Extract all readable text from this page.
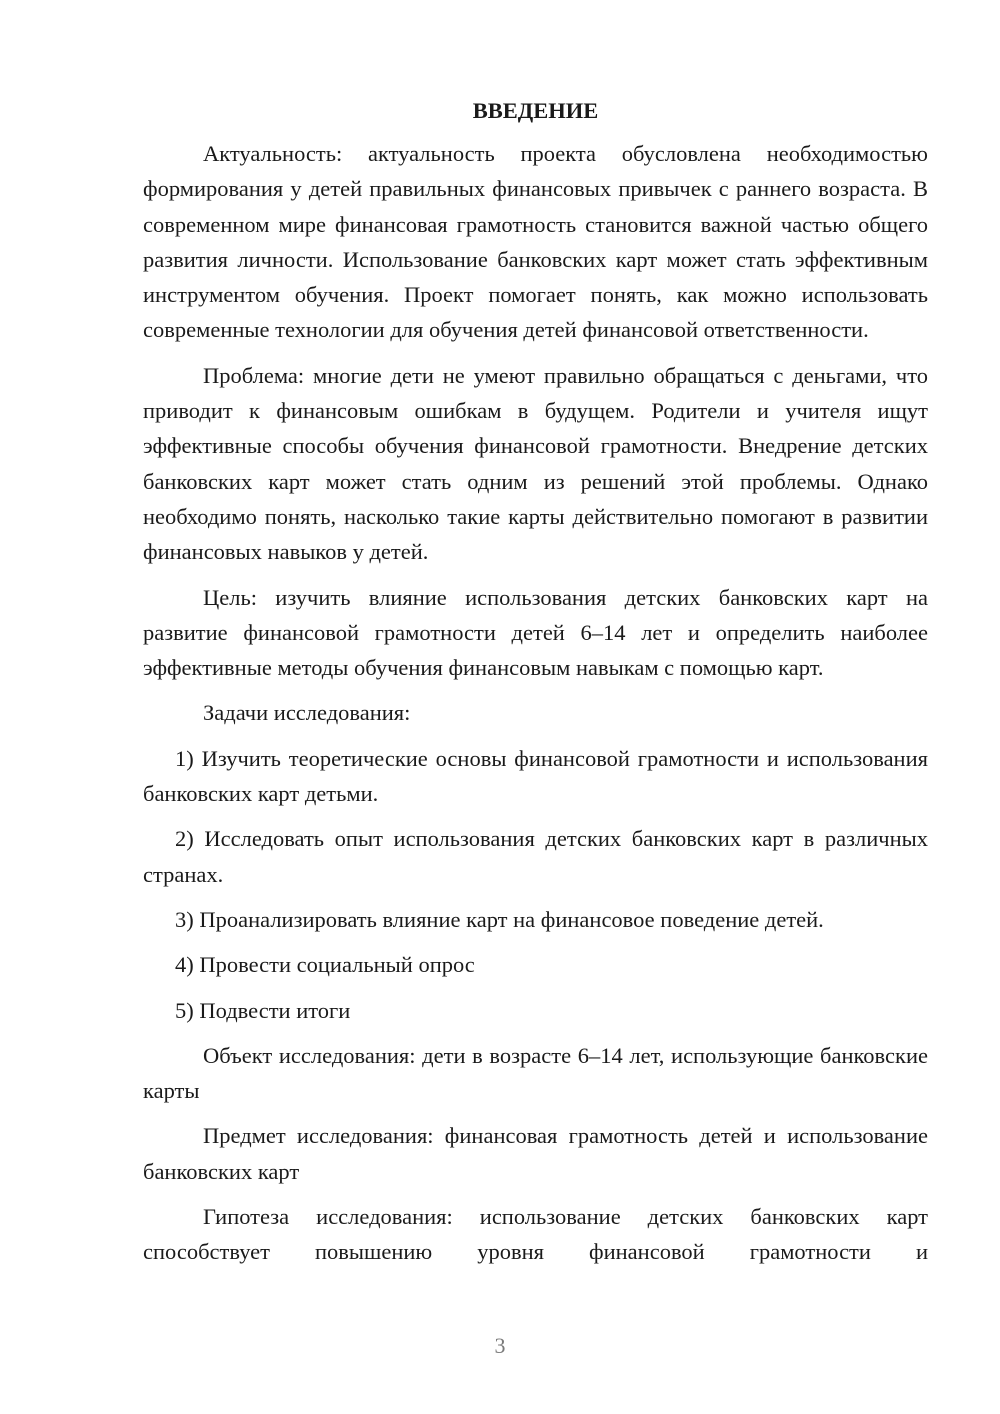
ВВЕДЕНИЕ

Актуальность: актуальность проекта обусловлена необходимостью формирования у детей правильных финансовых привычек с раннего возраста. В современном мире финансовая грамотность становится важной частью общего развития личности. Использование банковских карт может стать эффективным инструментом обучения. Проект помогает понять, как можно использовать современные технологии для обучения детей финансовой ответственности.

Проблема: многие дети не умеют правильно обращаться с деньгами, что приводит к финансовым ошибкам в будущем. Родители и учителя ищут эффективные способы обучения финансовой грамотности. Внедрение детских банковских карт может стать одним из решений этой проблемы. Однако необходимо понять, насколько такие карты действительно помогают в развитии финансовых навыков у детей.

Цель: изучить влияние использования детских банковских карт на развитие финансовой грамотности детей 6–14 лет и определить наиболее эффективные методы обучения финансовым навыкам с помощью карт.

Задачи исследования:

1) Изучить теоретические основы финансовой грамотности и использования банковских карт детьми.

2) Исследовать опыт использования детских банковских карт в различных странах.

3) Проанализировать влияние карт на финансовое поведение детей.

4) Провести социальный опрос

5) Подвести итоги

Объект исследования: дети в возрасте 6–14 лет, использующие банковские карты

Предмет исследования: финансовая грамотность детей и использование банковских карт

Гипотеза исследования: использование детских банковских карт способствует повышению уровня финансовой грамотности и

3
